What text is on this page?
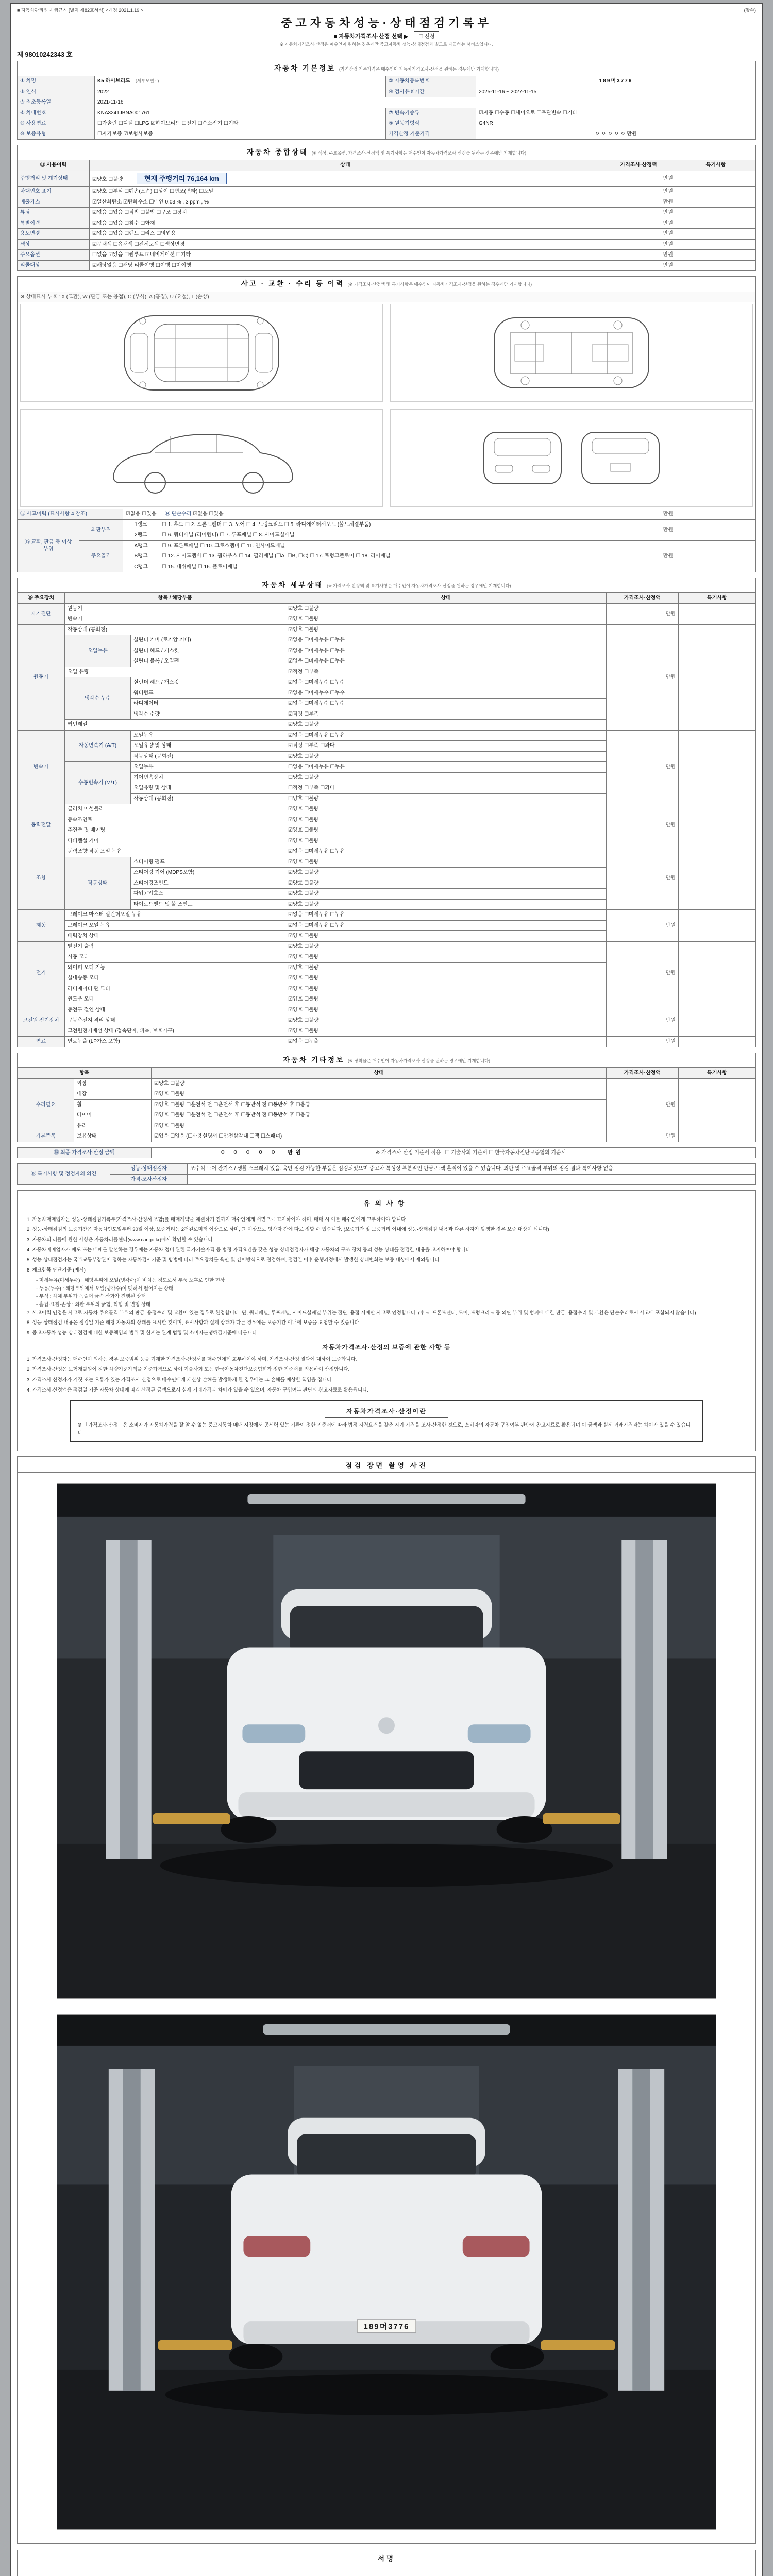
■ 자동차관리법 시행규칙 [별지 제82호서식] <개정 2021.1.19.>	(앞쪽)
중고자동차성능·상태점검기록부
■ 자동차가격조사·산정 선택 ▶ ☐ 신청
※ 자동차가격조사·산정은 매수인이 원하는 경우에만 중고자동차 성능·상태점검과 별도로 제공하는 서비스입니다.
제 98010242343 호
자동차 기본정보 (가격산정 기준가격은 매수인이 자동차가격조사·산정을 원하는 경우에만 기재합니다)			
① 차명	K5 하이브리드 (세부모델 : )	② 자동차등록번호	189머3776
③ 연식	2022	④ 검사유효기간	2025-11-16 ~ 2027-11-15
⑤ 최초등록일	2021-11-16		
⑥ 차대번호	KNA3241JBNA001761	⑦ 변속기종류	☑자동 ☐수동 ☐세미오토 ☐무단변속 ☐기타
⑧ 사용연료	☐가솔린 ☐디젤 ☐LPG ☑하이브리드 ☐전기 ☐수소전기 ☐기타	⑨ 원동기형식	G4NR
⑩ 보증유형	☐자가보증 ☑보험사보증	가격산정 기준가격	ㅇ ㅇ ㅇ ㅇ ㅇ 만원
자동차 종합상태 (※ 색상, 주요옵션, 가격조사·산정액 및 특기사항은 매수인이 자동차가격조사·산정을 원하는 경우에만 기재합니다)			
⑪ 사용이력	상태	가격조사·산정액	특기사항
주행거리 및 계기상태	☑양호 ☐불량 현재 주행거리 76,164 km	만원	
차대번호 표기	☑양호 ☐부식 ☐훼손(오손) ☐상이 ☐변조(변타) ☐도말	만원	
배출가스	☑일산화탄소 ☑탄화수소 ☐매연 0.03 % , 3 ppm , %	만원	
튜닝	☑없음 ☐있음 ☐적법 ☐불법 ☐구조 ☐장치	만원	
특별이력	☑없음 ☐있음 ☐침수 ☐화재	만원	
용도변경	☑없음 ☐있음 ☐렌트 ☐리스 ☐영업용	만원	
색상	☑무채색 ☐유채색 ☐전체도색 ☐색상변경	만원	
주요옵션	☐없음 ☑있음 ☐썬루프 ☑네비게이션 ☐기타	만원	
리콜대상	☑해당없음 ☐해당 리콜이행 ☐이행 ☐미이행	만원	
사고 · 교환 · 수리 등 이력 (※ 가격조사·산정액 및 특기사항은 매수인이 자동차가격조사·산정을 원하는 경우에만 기재합니다)					
※ 상태표시 부호 : X (교환), W (판금 또는 용접), C (부식), A (흠집), U (요철), T (손상)					

⑬ 사고이력 (표시사항 4 참조)		☑없음 ☐있음 ⑭ 단순수리 ☑없음 ☐있음		만원	
⑮ 교환, 판금 등 이상 부위	외판부위	1랭크	☐ 1. 후드 ☐ 2. 프론트펜더 ☐ 3. 도어 ☐ 4. 트렁크리드 ☐ 5. 라디에이터서포트 (볼트체결부품)	만원	
		2랭크	☐ 6. 쿼터패널 (리어펜더) ☐ 7. 루프패널 ☐ 8. 사이드실패널		
	주요골격	A랭크	☐ 9. 프론트패널 ☐ 10. 크로스멤버 ☐ 11. 인사이드패널	만원	
		B랭크	☐ 12. 사이드멤버 ☐ 13. 휠하우스 ☐ 14. 필러패널 (☐A, ☐B, ☐C) ☐ 17. 트렁크플로어 ☐ 18. 리어패널		
		C랭크	☐ 15. 대쉬패널 ☐ 16. 플로어패널		
자동차 세부상태 (※ 가격조사·산정액 및 특기사항은 매수인이 자동차가격조사·산정을 원하는 경우에만 기재합니다)					
⑯ 주요장치	항목 / 해당부품		상태	가격조사·산정액	특기사항
자기진단	원동기		☑양호 ☐불량	만원	
	변속기		☑양호 ☐불량		
원동기	작동상태 (공회전)		☑양호 ☐불량	만원	
	오일누유	실린더 커버 (로커암 커버)	☑없음 ☐미세누유 ☐누유		
		실린더 헤드 / 개스킷	☑없음 ☐미세누유 ☐누유		
		실린더 블록 / 오일팬	☑없음 ☐미세누유 ☐누유		
	오일 유량		☑적정 ☐부족		
	냉각수 누수	실린더 헤드 / 개스킷	☑없음 ☐미세누수 ☐누수		
		워터펌프	☑없음 ☐미세누수 ☐누수		
		라디에이터	☑없음 ☐미세누수 ☐누수		
		냉각수 수량	☑적정 ☐부족		
	커먼레일		☑양호 ☐불량		
변속기	자동변속기 (A/T)	오일누유	☑없음 ☐미세누유 ☐누유	만원	
		오일유량 및 상태	☑적정 ☐부족 ☐과다		
		작동상태 (공회전)	☑양호 ☐불량		
	수동변속기 (M/T)	오일누유	☐없음 ☐미세누유 ☐누유		
		기어변속장치	☐양호 ☐불량		
		오일유량 및 상태	☐적정 ☐부족 ☐과다		
		작동상태 (공회전)	☐양호 ☐불량		
동력전달	클러치 어셈블리		☑양호 ☐불량	만원	
	등속조인트		☑양호 ☐불량		
	추진축 및 베어링		☑양호 ☐불량		
	디퍼렌셜 기어		☑양호 ☐불량		
조향	동력조향 작동 오일 누유		☑없음 ☐미세누유 ☐누유	만원	
	작동상태	스티어링 펌프	☑양호 ☐불량		
		스티어링 기어 (MDPS포함)	☑양호 ☐불량		
		스티어링조인트	☑양호 ☐불량		
		파워고압호스	☑양호 ☐불량		
		타이로드엔드 및 볼 조인트	☑양호 ☐불량		
제동	브레이크 마스터 실린더오일 누유		☑없음 ☐미세누유 ☐누유	만원	
	브레이크 오일 누유		☑없음 ☐미세누유 ☐누유		
	배력장치 상태		☑양호 ☐불량		
전기	발전기 출력		☑양호 ☐불량	만원	
	시동 모터		☑양호 ☐불량		
	와이퍼 모터 기능		☑양호 ☐불량		
	실내송풍 모터		☑양호 ☐불량		
	라디에이터 팬 모터		☑양호 ☐불량		
	윈도우 모터		☑양호 ☐불량		
고전원 전기장치	충전구 절연 상태		☑양호 ☐불량	만원	
	구동축전지 격리 상태		☑양호 ☐불량		
	고전원전기배선 상태 (접속단자, 피복, 보호기구)		☑양호 ☐불량		
연료	연료누출 (LP가스 포함)		☑없음 ☐누출	만원	
자동차 기타정보 (※ 장착물은 매수인이 자동차가격조사·산정을 원하는 경우에만 기재합니다)				
항목		상태	가격조사·산정액	특기사항
수리필요	외장	☑양호 ☐불량	만원	
	내장	☑양호 ☐불량		
	휠	☑양호 ☐불량 ☐운전석 전 ☐운전석 후 ☐동반석 전 ☐동반석 후 ☐응급		
	타이어	☑양호 ☐불량 ☐운전석 전 ☐운전석 후 ☐동반석 전 ☐동반석 후 ☐응급		
	유리	☑양호 ☐불량		
기본품목	보유상태	☑있음 ☐없음 (☐사용설명서 ☐안전삼각대 ☐잭 ☐스패너)	만원	
⑱ 최종 가격조사·산정 금액	ㅇ ㅇ ㅇ ㅇ ㅇ 만원	※ 가격조사·산정 기준서 적용 : ☐ 기술사회 기준서 ☐ 한국자동차진단보증협회 기준서
⑲ 특기사항 및 점검자의 의견	성능·상태점검자	조수석 도어 잔기스 / 생활 스크래치 있음. 육안 점검 가능한 부품은 점검되었으며 중고차 특성상 부분적인 판금·도색 흔적이 있을 수 있습니다. 외판 및 주요골격 부위의 점검 결과 특이사항 없음.
	가격·조사산정자	
유의사항
1. 자동차매매업자는 성능·상태점검기록부(가격조사·산정서 포함)를 매매계약을 체결하기 전까지 매수인에게 서면으로 고지하여야 하며, 매매 시 이를 매수인에게 교부하여야 합니다.
2. 성능·상태점검의 보증기간은 자동차인도일부터 30일 이상, 보증거리는 2천킬로미터 이상으로 하며, 그 이상으로 당사자 간에 따로 정할 수 있습니다. (보증기간 및 보증거리 이내에 성능·상태점검 내용과 다른 하자가 발생한 경우 보증 대상이 됩니다)
3. 자동차의 리콜에 관한 사항은 자동차리콜센터(www.car.go.kr)에서 확인할 수 있습니다.
4. 자동차매매업자가 매도 또는 매매를 알선하는 경우에는 자동차 정비 관련 국가기술자격 등 법정 자격요건을 갖춘 성능·상태점검자가 해당 자동차의 구조·장치 등의 성능·상태를 점검한 내용을 고지하여야 합니다.
5. 성능·상태점검자는 국토교통부장관이 정하는 자동차검사기준 및 방법에 따라 주요장치를 육안 및 간이방식으로 점검하며, 점검일 이후 운행과정에서 발생한 상태변화는 보증 대상에서 제외됩니다.
6. 체크항목 판단기준 (예시)
- 미세누유(미세누수) : 해당부위에 오일(냉각수)이 비치는 정도로서 부품 노후로 인한 현상
- 누유(누수) : 해당부위에서 오일(냉각수)이 맺혀서 떨어지는 상태
- 부식 : 차체 부위가 녹슬어 금속 산화가 진행된 상태
- 흠집·요철·손상 : 외판 부위의 긁힘, 찍힘 및 변형 상태
7. 사고이력 인정은 사고로 자동차 주요골격 부위의 판금, 용접수리 및 교환이 있는 경우로 한정합니다. 단, 쿼터패널, 루프패널, 사이드실패널 부위는 절단, 용접 시에만 사고로 인정합니다. (후드, 프론트펜더, 도어, 트렁크리드 등 외판 부위 및 범퍼에 대한 판금, 용접수리 및 교환은 단순수리로서 사고에 포함되지 않습니다)
8. 성능·상태점검 내용은 점검일 기준 해당 자동차의 상태를 표시한 것이며, 표시사항과 실제 상태가 다른 경우에는 보증기간 이내에 보증을 요청할 수 있습니다.
9. 중고자동차 성능·상태점검에 대한 보증책임의 범위 및 한계는 관계 법령 및 소비자분쟁해결기준에 따릅니다.
자동차가격조사·산정의 보증에 관한 사항 등
1. 가격조사·산정자는 매수인이 원하는 경우 보증범위 등을 기재한 가격조사·산정서를 매수인에게 교부하여야 하며, 가격조사·산정 결과에 대하여 보증합니다.
2. 가격조사·산정은 보험개발원이 정한 차량기준가액을 기준가격으로 하여 기술사회 또는 한국자동차진단보증협회가 정한 기준서를 적용하여 산정합니다.
3. 가격조사·산정자가 거짓 또는 오류가 있는 가격조사·산정으로 매수인에게 재산상 손해를 발생하게 한 경우에는 그 손해를 배상할 책임을 집니다.
4. 가격조사·산정액은 점검일 기준 자동차 상태에 따라 산정된 금액으로서 실제 거래가격과 차이가 있을 수 있으며, 자동차 구입여부 판단의 참고자료로 활용됩니다.
자동차가격조사·산정이란
※ 「가격조사·산정」은 소비자가 자동차가격을 잘 알 수 없는 중고자동차 매매 시장에서 공신력 있는 기관이 정한 기준서에 따라 법정 자격요건을 갖춘 자가 가격을 조사·산정한 것으로, 소비자의 자동차 구입여부 판단에 참고자료로 활용되며 이 금액과 실제 거래가격과는 차이가 있을 수 있습니다.
점검 장면 촬영 사진
189머3776
서명
